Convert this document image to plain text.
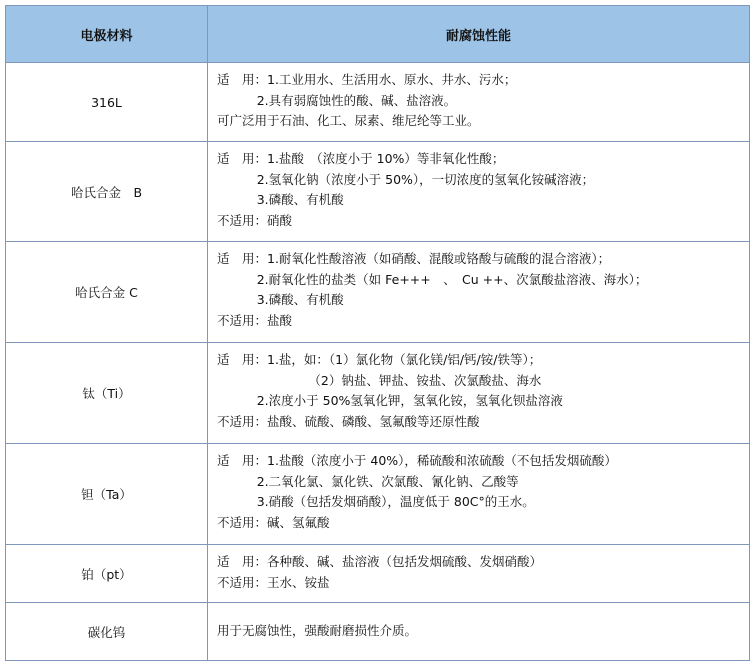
电极材料	耐腐蚀性能
316L	适　用：1.工业用水、生活用水、原水、井水、污水；
2.具有弱腐蚀性的酸、碱、盐溶液。
可广泛用于石油、化工、尿素、维尼纶等工业。

哈氏合金　B	适　用：1.盐酸　（浓度小于 10%）等非氧化性酸；
2.氢氧化钠（浓度小于 50%），一切浓度的氢氧化铵碱溶液；
3.磷酸、有机酸
不适用：硝酸

哈氏合金 C	适　用：1.耐氧化性酸溶液（如硝酸、混酸或铬酸与硫酸的混合溶液）；
2.耐氧化性的盐类（如 Fe+++　、　Cu ++、次氯酸盐溶液、海水）；
3.磷酸、有机酸
不适用：盐酸

钛（Ti）	适　用：1.盐，如：（1）氯化物（氯化镁/铝/钙/铵/铁等）；
（2）钠盐、钾盐、铵盐、次氯酸盐、海水
2.浓度小于 50%氢氧化钾，氢氧化铵，氢氧化钡盐溶液
不适用：盐酸、硫酸、磷酸、氢氟酸等还原性酸

钽（Ta）	适　用：1.盐酸（浓度小于 40%），稀硫酸和浓硫酸（不包括发烟硫酸）
2.二氧化氯、氯化铁、次氯酸、氰化钠、乙酸等
3.硝酸（包括发烟硝酸），温度低于 80C°的王水。
不适用：碱、氢氟酸

铂（pt）	适　用：各种酸、碱、盐溶液（包括发烟硫酸、发烟硝酸）
不适用：王水、铵盐

碳化钨	用于无腐蚀性，强酸耐磨损性介质。
